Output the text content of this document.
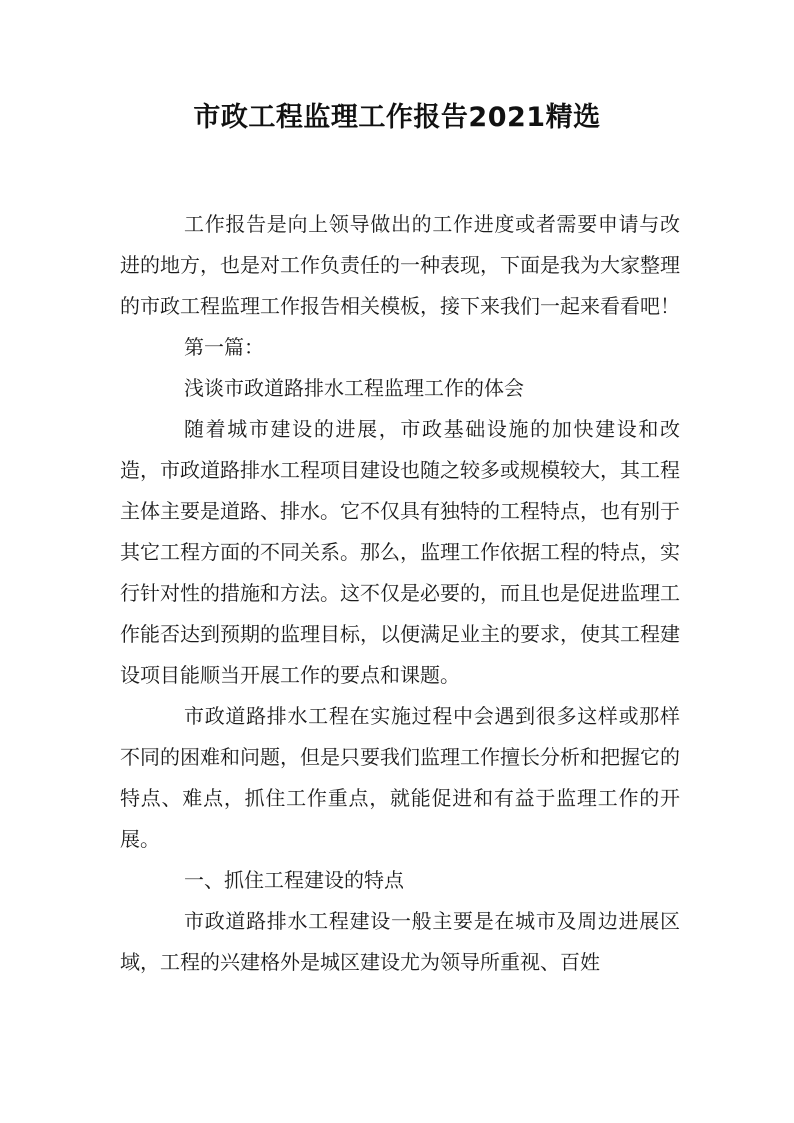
市政工程监理工作报告2021精选

工作报告是向上领导做出的工作进度或者需要申请与改进的地方，也是对工作负责任的一种表现，下面是我为大家整理的市政工程监理工作报告相关模板，接下来我们一起来看看吧！

第一篇：

浅谈市政道路排水工程监理工作的体会

随着城市建设的进展，市政基础设施的加快建设和改造，市政道路排水工程项目建设也随之较多或规模较大，其工程主体主要是道路、排水。它不仅具有独特的工程特点，也有别于其它工程方面的不同关系。那么，监理工作依据工程的特点，实行针对性的措施和方法。这不仅是必要的，而且也是促进监理工作能否达到预期的监理目标，以便满足业主的要求，使其工程建设项目能顺当开展工作的要点和课题。

市政道路排水工程在实施过程中会遇到很多这样或那样不同的困难和问题，但是只要我们监理工作擅长分析和把握它的特点、难点，抓住工作重点，就能促进和有益于监理工作的开展。

一、抓住工程建设的特点

市政道路排水工程建设一般主要是在城市及周边进展区域，工程的兴建格外是城区建设尤为领导所重视、百姓
